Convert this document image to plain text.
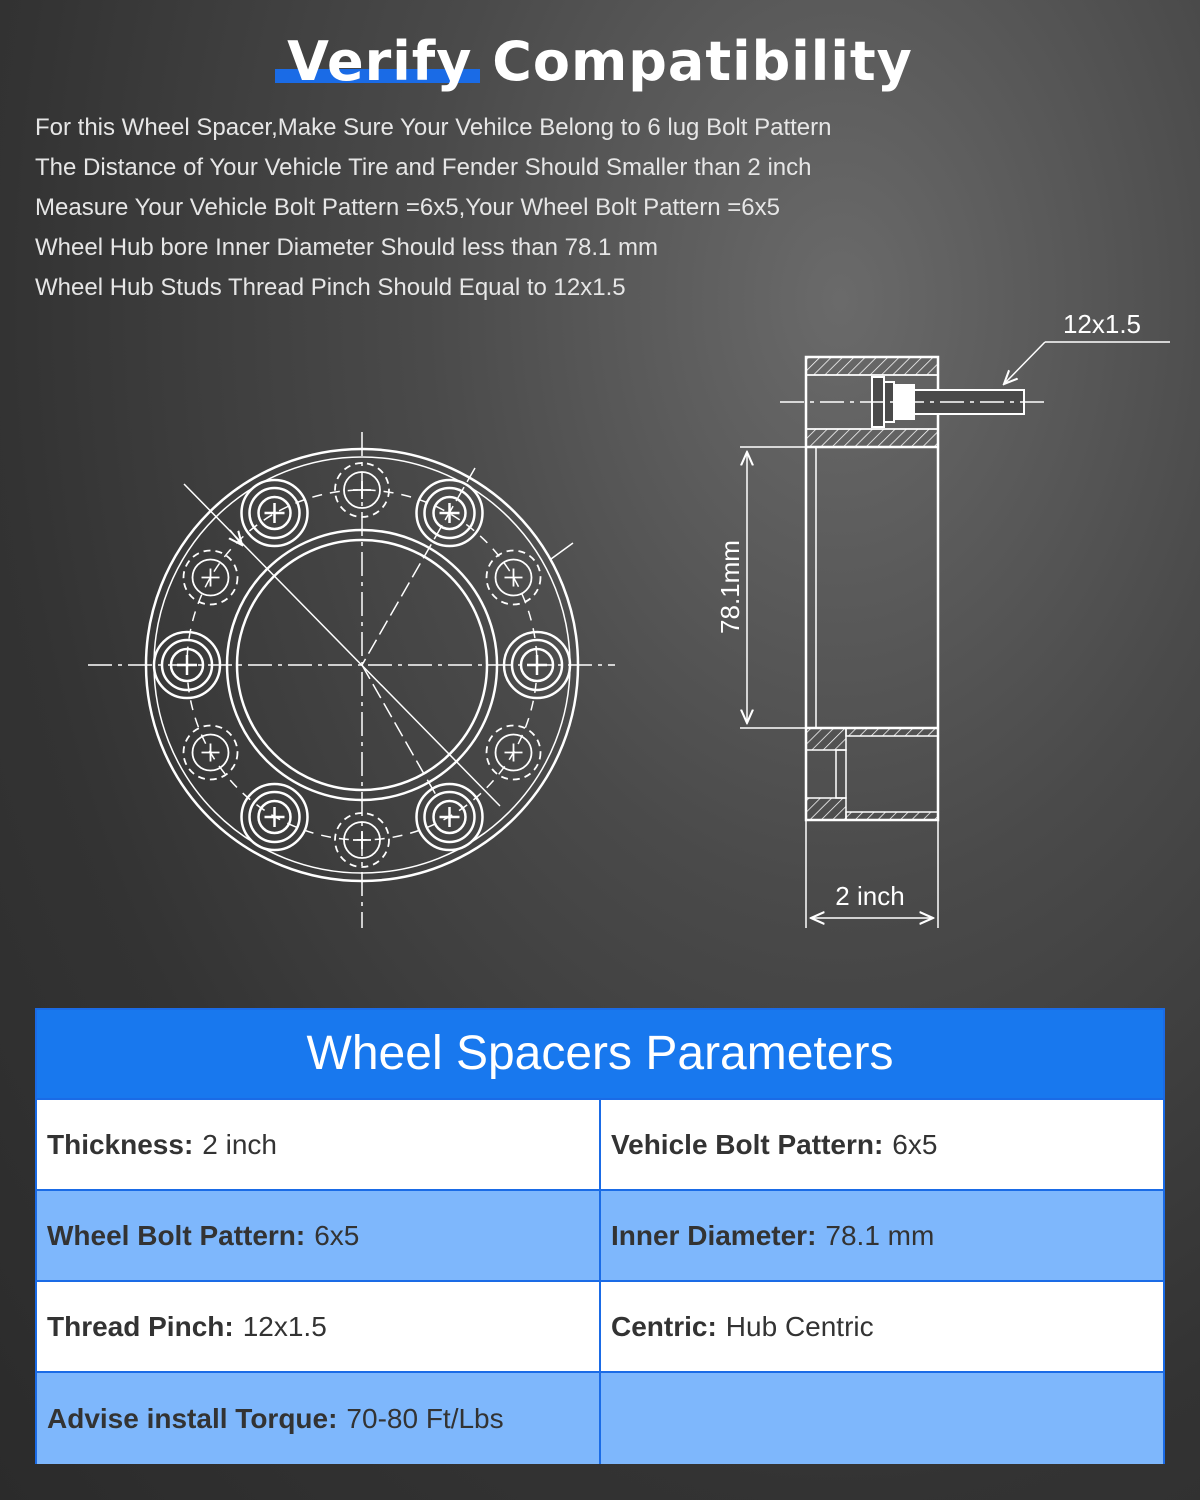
Verify Compatibility
For this Wheel Spacer,Make Sure Your Vehilce Belong to 6 lug Bolt Pattern
The Distance of Your Vehicle Tire and Fender Should Smaller than 2 inch
Measure Your Vehicle Bolt Pattern =6x5,Your Wheel Bolt Pattern =6x5
Wheel Hub bore Inner Diameter Should less than 78.1 mm
Wheel Hub Studs Thread Pinch Should Equal to 12x1.5
12x1.5
78.1mm
2 inch
Wheel Spacers Parameters
Thickness: 2 inch	Vehicle Bolt Pattern: 6x5
Wheel Bolt Pattern: 6x5	Inner Diameter: 78.1 mm
Thread Pinch: 12x1.5	Centric: Hub Centric
Advise install Torque: 70-80 Ft/Lbs
